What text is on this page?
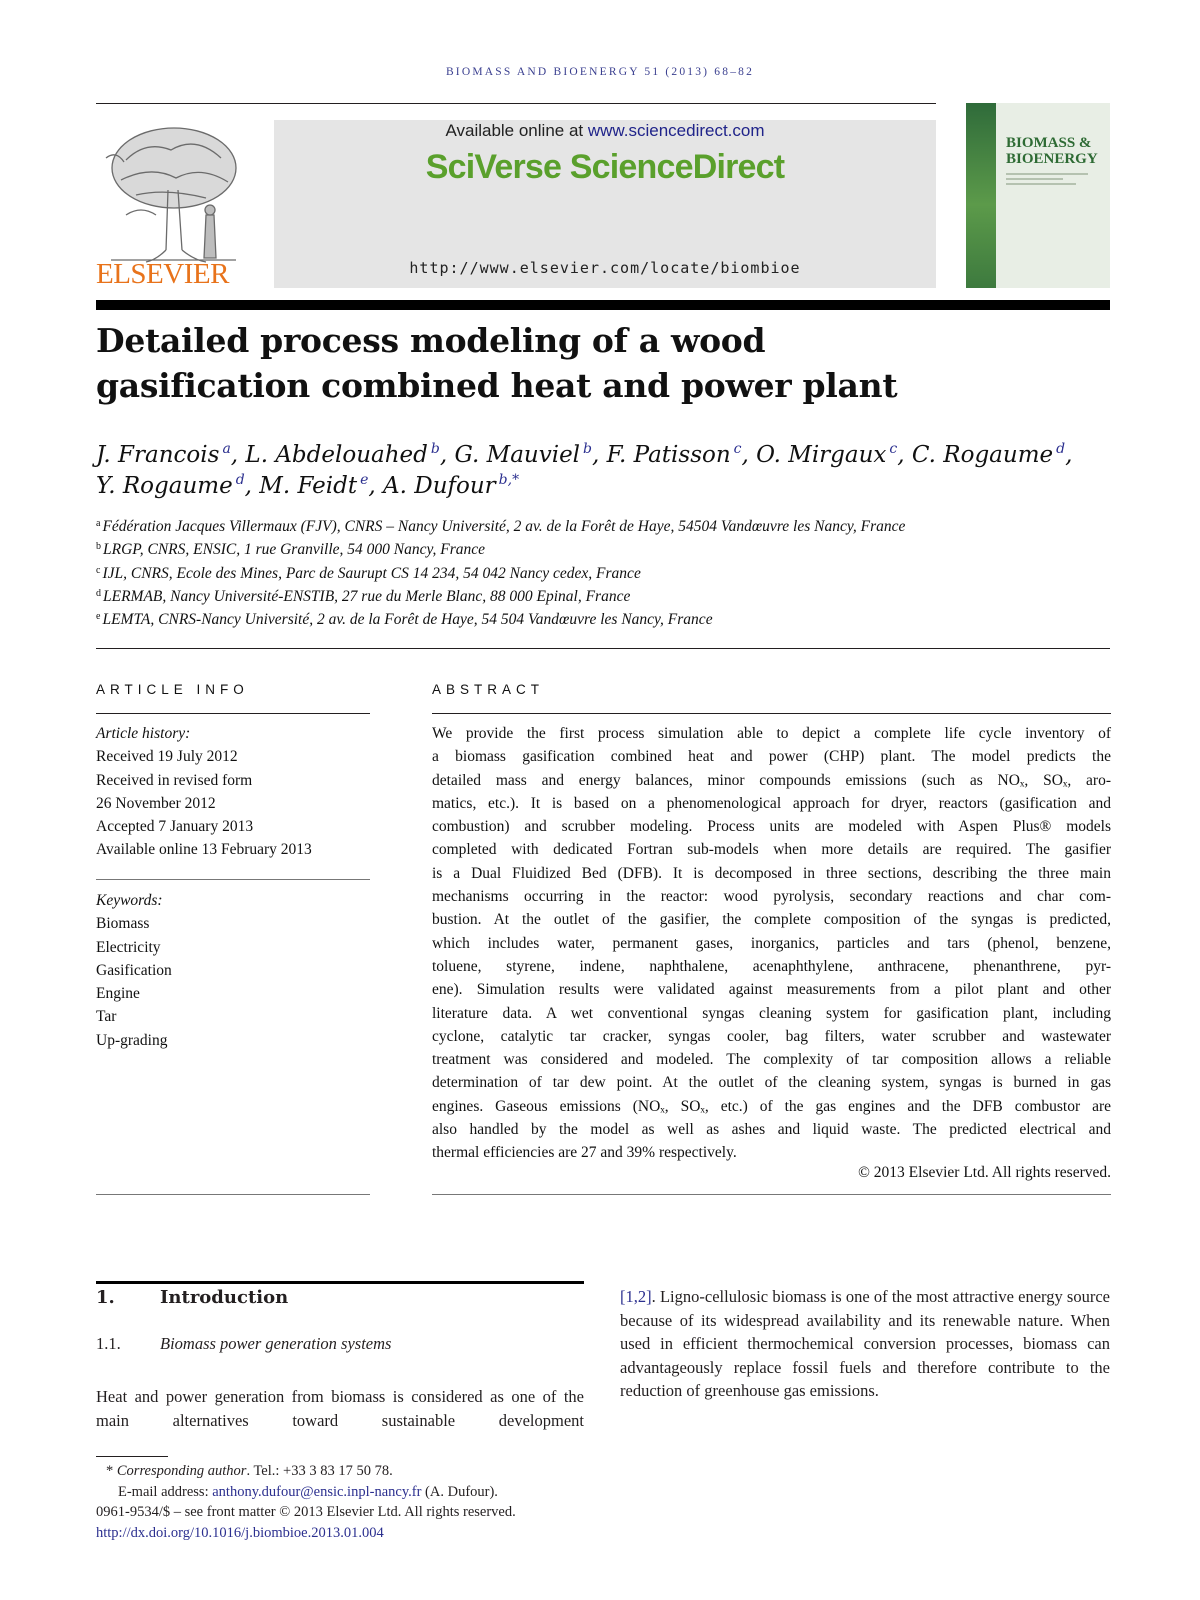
BIOMASS AND BIOENERGY 51 (2013) 68–82
ELSEVIER
Available online at www.sciencedirect.com
SciVerse ScienceDirect
http://www.elsevier.com/locate/biombioe
BIOMASS & BIOENERGY
Detailed process modeling of a wood gasification combined heat and power plant
J. Francois $^a$, L. Abdelouahed $^b$, G. Mauviel $^b$, F. Patisson $^c$, O. Mirgaux $^c$, C. Rogaume $^d$,
Y. Rogaume $^d$, M. Feidt $^e$, A. Dufour $^{b,*}$
$^a$ Fédération Jacques Villermaux (FJV), CNRS – Nancy Université, 2 av. de la Forêt de Haye, 54504 Vandœuvre les Nancy, France
$^b$ LRGP, CNRS, ENSIC, 1 rue Granville, 54 000 Nancy, France
$^c$ IJL, CNRS, Ecole des Mines, Parc de Saurupt CS 14 234, 54 042 Nancy cedex, France
$^d$ LERMAB, Nancy Université-ENSTIB, 27 rue du Merle Blanc, 88 000 Epinal, France
$^e$ LEMTA, CNRS-Nancy Université, 2 av. de la Forêt de Haye, 54 504 Vandœuvre les Nancy, France
ARTICLE INFO
Article history:
Received 19 July 2012
Received in revised form
26 November 2012
Accepted 7 January 2013
Available online 13 February 2013
Keywords:
Biomass
Electricity
Gasification
Engine
Tar
Up-grading
ABSTRACT
We provide the first process simulation able to depict a complete life cycle inventory of
a biomass gasification combined heat and power (CHP) plant. The model predicts the
detailed mass and energy balances, minor compounds emissions (such as NOₓ, SOₓ, aro-
matics, etc.). It is based on a phenomenological approach for dryer, reactors (gasification and
combustion) and scrubber modeling. Process units are modeled with Aspen Plus® models
completed with dedicated Fortran sub-models when more details are required. The gasifier
is a Dual Fluidized Bed (DFB). It is decomposed in three sections, describing the three main
mechanisms occurring in the reactor: wood pyrolysis, secondary reactions and char com-
bustion. At the outlet of the gasifier, the complete composition of the syngas is predicted,
which includes water, permanent gases, inorganics, particles and tars (phenol, benzene,
toluene, styrene, indene, naphthalene, acenaphthylene, anthracene, phenanthrene, pyr-
ene). Simulation results were validated against measurements from a pilot plant and other
literature data. A wet conventional syngas cleaning system for gasification plant, including
cyclone, catalytic tar cracker, syngas cooler, bag filters, water scrubber and wastewater
treatment was considered and modeled. The complexity of tar composition allows a reliable
determination of tar dew point. At the outlet of the cleaning system, syngas is burned in gas
engines. Gaseous emissions (NOₓ, SOₓ, etc.) of the gas engines and the DFB combustor are
also handled by the model as well as ashes and liquid waste. The predicted electrical and
thermal efficiencies are 27 and 39% respectively.
© 2013 Elsevier Ltd. All rights reserved.
1.	Introduction
1.1. Biomass power generation systems
Heat and power generation from biomass is considered as one of the main alternatives toward sustainable development
[1,2]. Ligno-cellulosic biomass is one of the most attractive energy source because of its widespread availability and its renewable nature. When used in efficient thermochemical conversion processes, biomass can advantageously replace fossil fuels and therefore contribute to the reduction of greenhouse gas emissions.
* Corresponding author. Tel.: +33 3 83 17 50 78.
E-mail address: anthony.dufour@ensic.inpl-nancy.fr (A. Dufour).
0961-9534/$ – see front matter © 2013 Elsevier Ltd. All rights reserved.
http://dx.doi.org/10.1016/j.biombioe.2013.01.004
